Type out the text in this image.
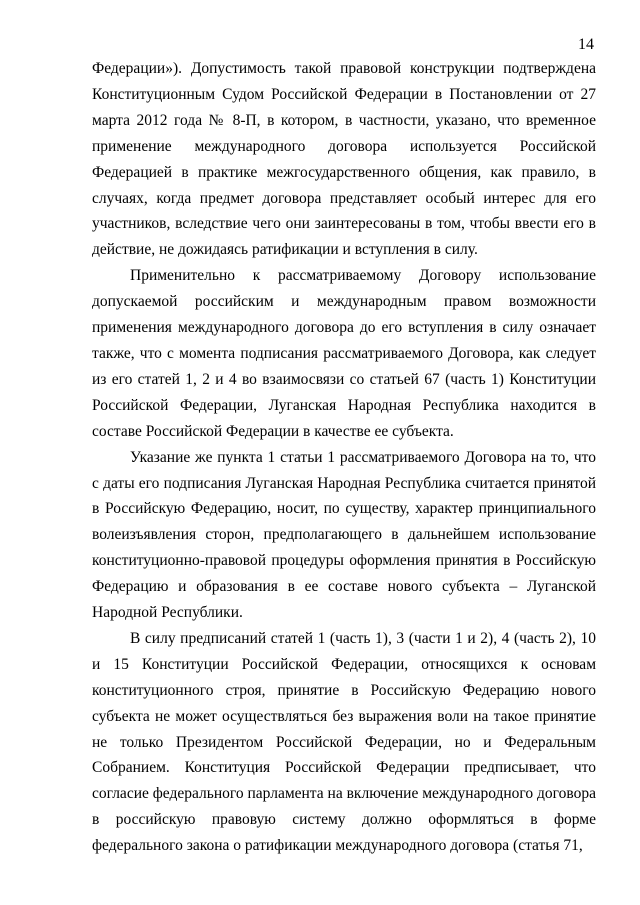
14

Федерации»). Допустимость такой правовой конструкции подтверждена Конституционным Судом Российской Федерации в Постановлении от 27 марта 2012 года № 8-П, в котором, в частности, указано, что временное применение международного договора используется Российской Федерацией в практике межгосударственного общения, как правило, в случаях, когда предмет договора представляет особый интерес для его участников, вследствие чего они заинтересованы в том, чтобы ввести его в действие, не дожидаясь ратификации и вступления в силу.

Применительно к рассматриваемому Договору использование допускаемой российским и международным правом возможности применения международного договора до его вступления в силу означает также, что с момента подписания рассматриваемого Договора, как следует из его статей 1, 2 и 4 во взаимосвязи со статьей 67 (часть 1) Конституции Российской Федерации, Луганская Народная Республика находится в составе Российской Федерации в качестве ее субъекта.

Указание же пункта 1 статьи 1 рассматриваемого Договора на то, что с даты его подписания Луганская Народная Республика считается принятой в Российскую Федерацию, носит, по существу, характер принципиального волеизъявления сторон, предполагающего в дальнейшем использование конституционно-правовой процедуры оформления принятия в Российскую Федерацию и образования в ее составе нового субъекта – Луганской Народной Республики.

В силу предписаний статей 1 (часть 1), 3 (части 1 и 2), 4 (часть 2), 10 и 15 Конституции Российской Федерации, относящихся к основам конституционного строя, принятие в Российскую Федерацию нового субъекта не может осуществляться без выражения воли на такое принятие не только Президентом Российской Федерации, но и Федеральным Собранием. Конституция Российской Федерации предписывает, что согласие федерального парламента на включение международного договора в российскую правовую систему должно оформляться в форме федерального закона о ратификации международного договора (статья 71,
